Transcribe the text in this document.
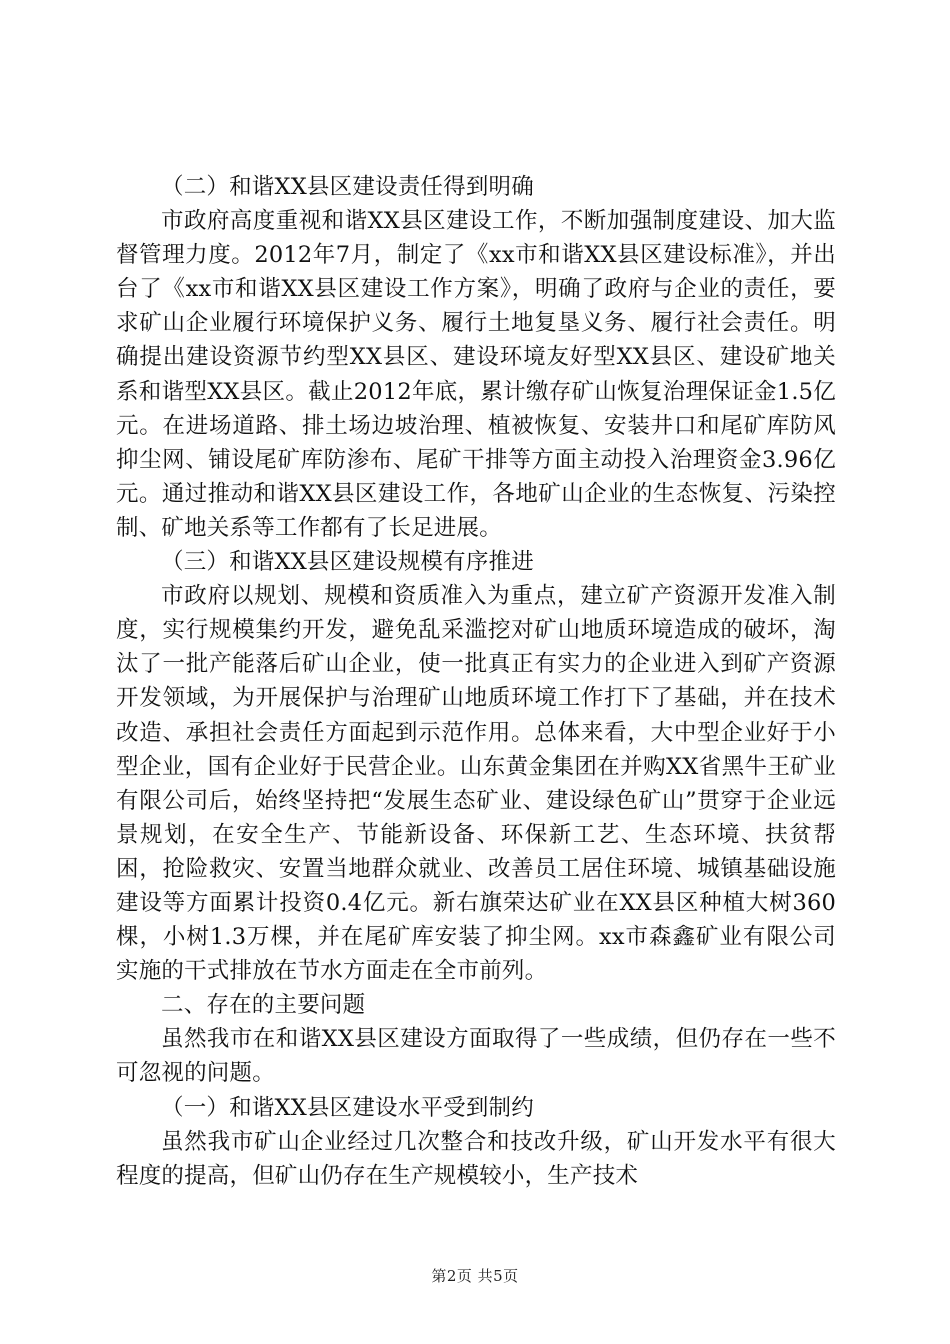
（二）和谐XX县区建设责任得到明确

市政府高度重视和谐XX县区建设工作，不断加强制度建设、加大监督管理力度。2012年7月，制定了《xx市和谐XX县区建设标准》，并出台了《xx市和谐XX县区建设工作方案》，明确了政府与企业的责任，要求矿山企业履行环境保护义务、履行土地复垦义务、履行社会责任。明确提出建设资源节约型XX县区、建设环境友好型XX县区、建设矿地关系和谐型XX县区。截止2012年底，累计缴存矿山恢复治理保证金1.5亿元。在进场道路、排土场边坡治理、植被恢复、安装井口和尾矿库防风抑尘网、铺设尾矿库防渗布、尾矿干排等方面主动投入治理资金3.96亿元。通过推动和谐XX县区建设工作，各地矿山企业的生态恢复、污染控制、矿地关系等工作都有了长足进展。

（三）和谐XX县区建设规模有序推进

市政府以规划、规模和资质准入为重点，建立矿产资源开发准入制度，实行规模集约开发，避免乱采滥挖对矿山地质环境造成的破坏，淘汰了一批产能落后矿山企业，使一批真正有实力的企业进入到矿产资源开发领域，为开展保护与治理矿山地质环境工作打下了基础，并在技术改造、承担社会责任方面起到示范作用。总体来看，大中型企业好于小型企业，国有企业好于民营企业。山东黄金集团在并购XX省黑牛王矿业有限公司后，始终坚持把“发展生态矿业、建设绿色矿山”贯穿于企业远景规划，在安全生产、节能新设备、环保新工艺、生态环境、扶贫帮困，抢险救灾、安置当地群众就业、改善员工居住环境、城镇基础设施建设等方面累计投资0.4亿元。新右旗荣达矿业在XX县区种植大树360棵，小树1.3万棵，并在尾矿库安装了抑尘网。xx市森鑫矿业有限公司实施的干式排放在节水方面走在全市前列。

二、存在的主要问题

虽然我市在和谐XX县区建设方面取得了一些成绩，但仍存在一些不可忽视的问题。

（一）和谐XX县区建设水平受到制约

虽然我市矿山企业经过几次整合和技改升级，矿山开发水平有很大程度的提高，但矿山仍存在生产规模较小，生产技术

第2页 共5页
